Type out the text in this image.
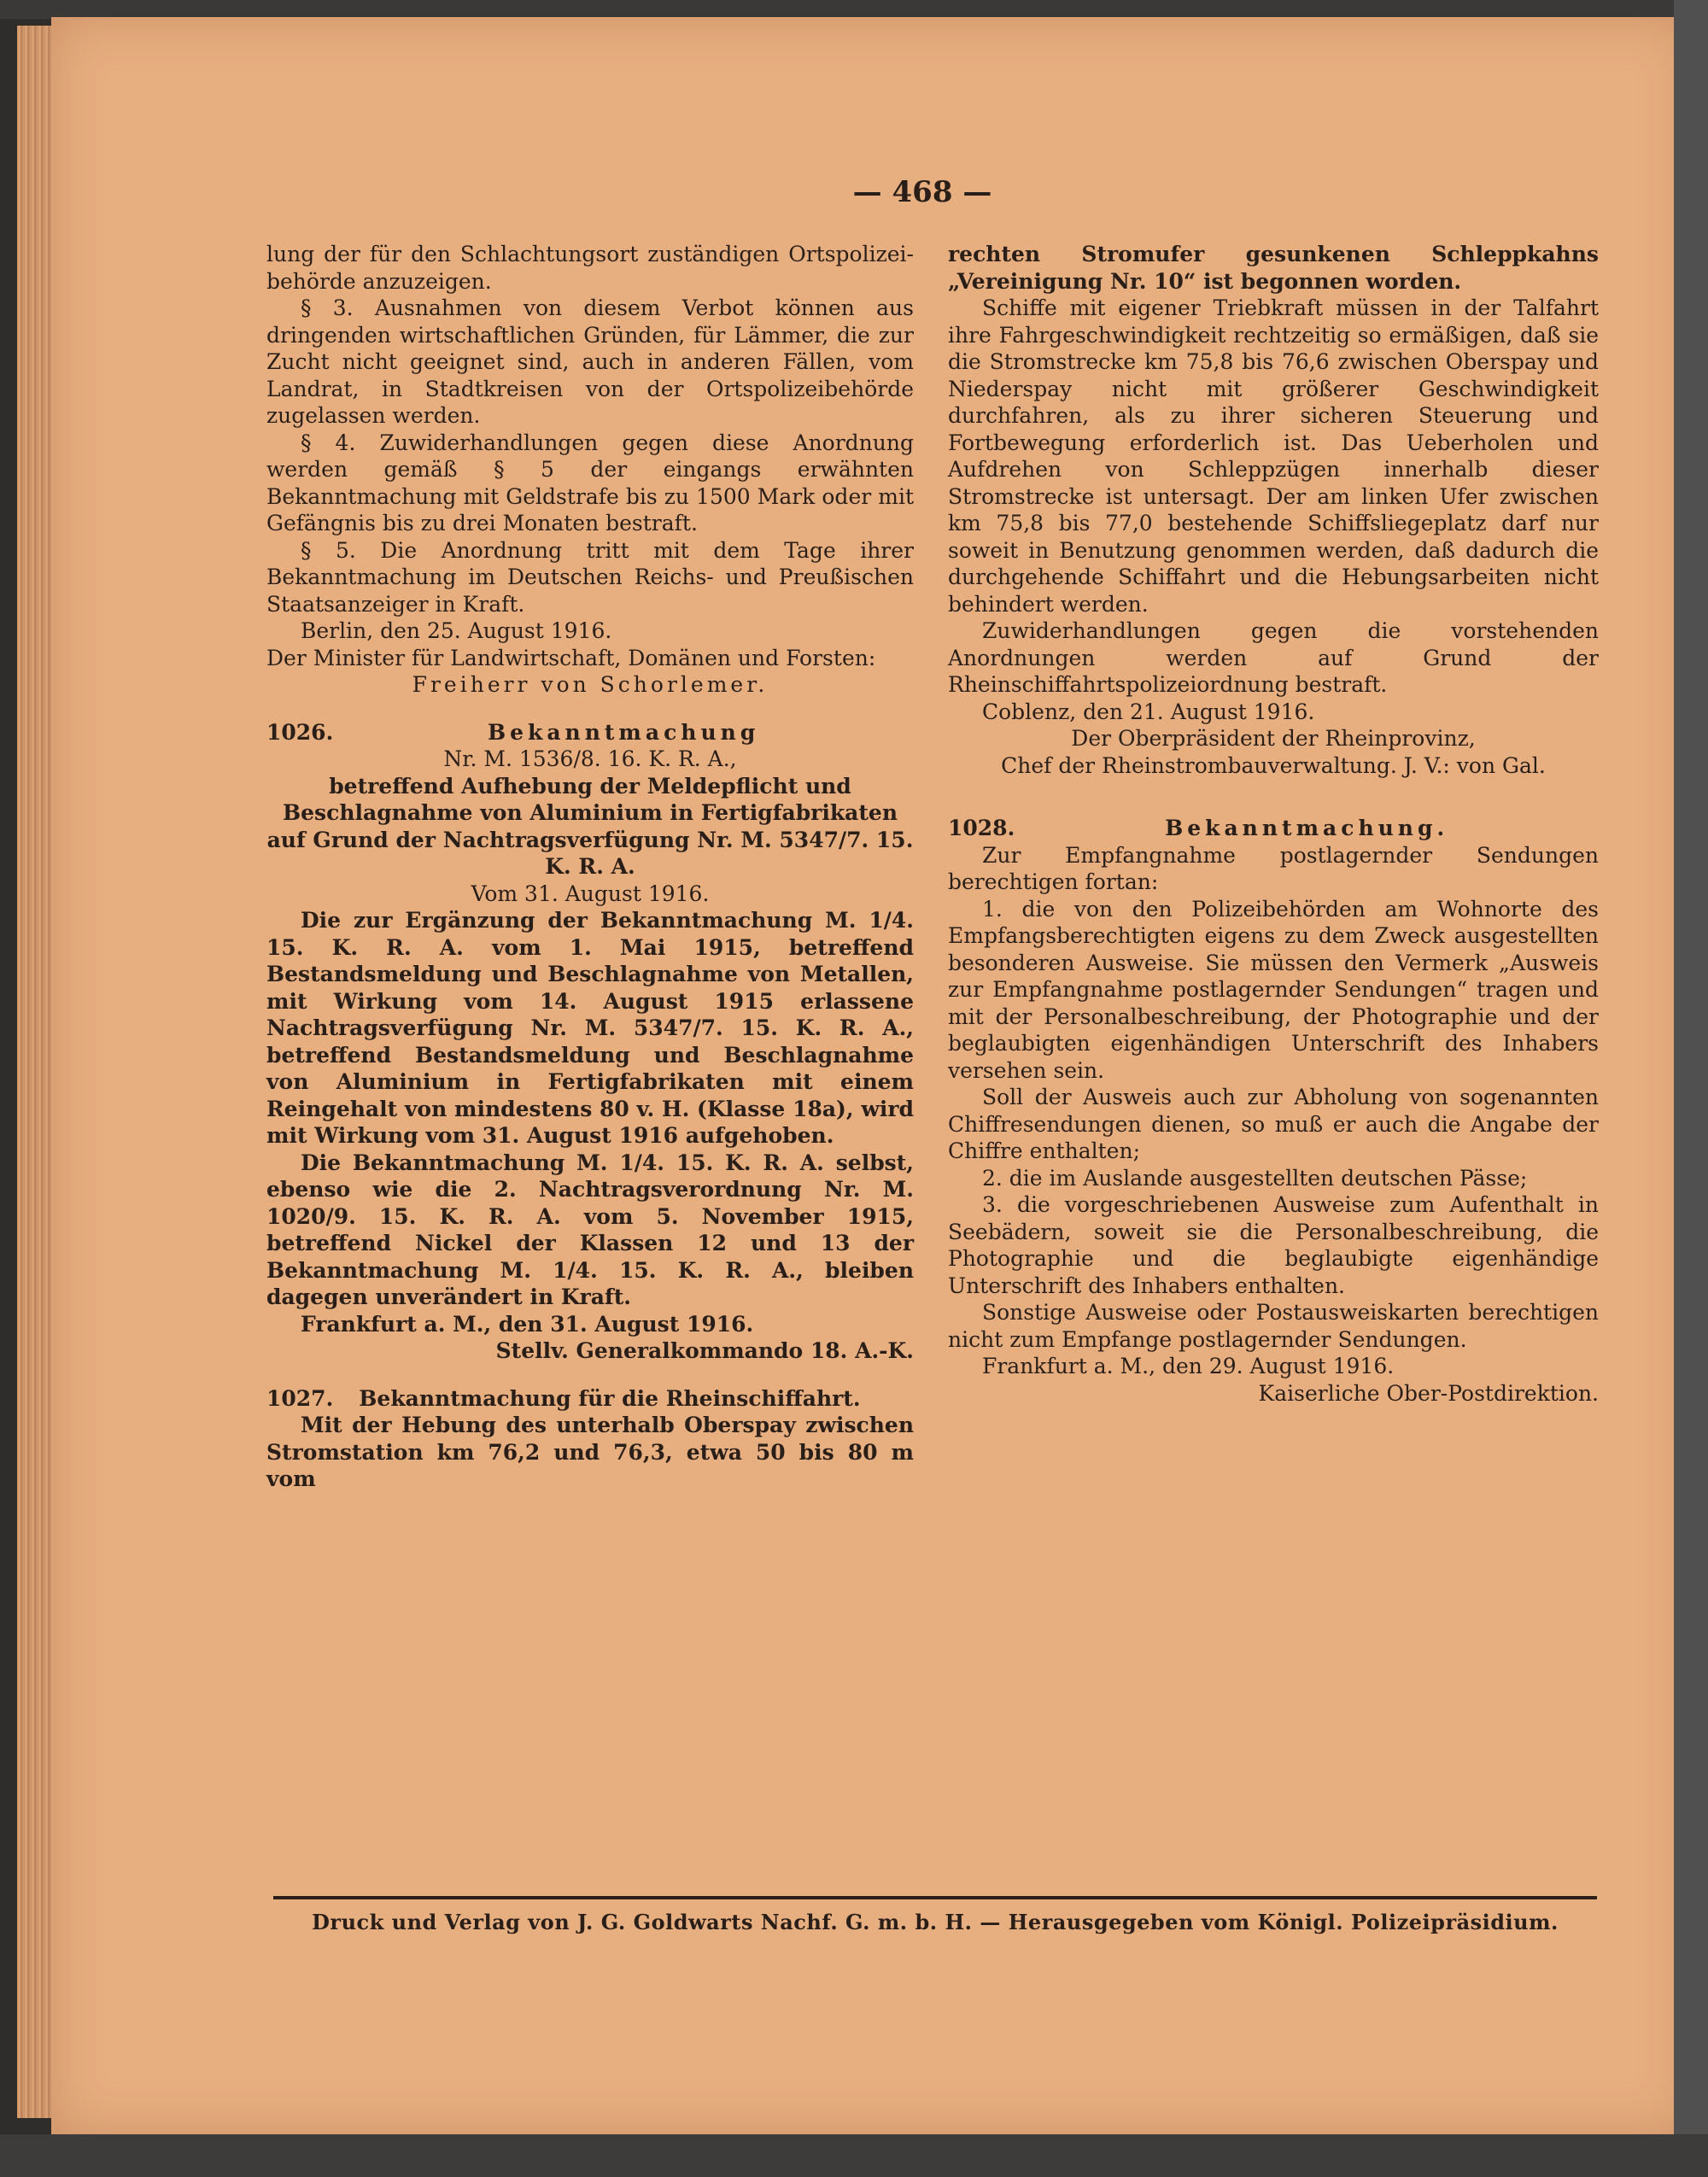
— 468 —

lung der für den Schlachtungsort zuständigen Ortspolizei-behörde anzuzeigen.

§ 3. Ausnahmen von diesem Verbot können aus dringenden wirtschaftlichen Gründen, für Lämmer, die zur Zucht nicht geeignet sind, auch in anderen Fällen, vom Landrat, in Stadtkreisen von der Ortspolizeibehörde zugelassen werden.

§ 4. Zuwiderhandlungen gegen diese Anordnung werden gemäß § 5 der eingangs erwähnten Bekanntmachung mit Geldstrafe bis zu 1500 Mark oder mit Gefängnis bis zu drei Monaten bestraft.

§ 5. Die Anordnung tritt mit dem Tage ihrer Bekanntmachung im Deutschen Reichs- und Preußischen Staatsanzeiger in Kraft.

Berlin, den 25. August 1916.

Der Minister für Landwirtschaft, Domänen und Forsten:

Freiherr von Schorlemer.

1026.	Bekanntmachung

Nr. M. 1536/8. 16. K. R. A.,

betreffend Aufhebung der Meldepflicht und Beschlagnahme von Aluminium in Fertigfabrikaten auf Grund der Nachtragsverfügung Nr. M. 5347/7. 15. K. R. A.

Vom 31. August 1916.

Die zur Ergänzung der Bekanntmachung M. 1/4. 15. K. R. A. vom 1. Mai 1915, betreffend Bestandsmeldung und Beschlagnahme von Metallen, mit Wirkung vom 14. August 1915 erlassene Nachtragsverfügung Nr. M. 5347/7. 15. K. R. A., betreffend Bestandsmeldung und Beschlagnahme von Aluminium in Fertigfabrikaten mit einem Reingehalt von mindestens 80 v. H. (Klasse 18a), wird mit Wirkung vom 31. August 1916 aufgehoben.

Die Bekanntmachung M. 1/4. 15. K. R. A. selbst, ebenso wie die 2. Nachtragsverordnung Nr. M. 1020/9. 15. K. R. A. vom 5. November 1915, betreffend Nickel der Klassen 12 und 13 der Bekanntmachung M. 1/4. 15. K. R. A., bleiben dagegen unverändert in Kraft.

Frankfurt a. M., den 31. August 1916.

Stellv. Generalkommando 18. A.-K.

1027.	Bekanntmachung für die Rheinschiffahrt.

Mit der Hebung des unterhalb Oberspay zwischen Stromstation km 76,2 und 76,3, etwa 50 bis 80 m vom

rechten Stromufer gesunkenen Schleppkahns „Vereinigung Nr. 10“ ist begonnen worden.

Schiffe mit eigener Triebkraft müssen in der Talfahrt ihre Fahrgeschwindigkeit rechtzeitig so ermäßigen, daß sie die Stromstrecke km 75,8 bis 76,6 zwischen Oberspay und Niederspay nicht mit größerer Geschwindigkeit durchfahren, als zu ihrer sicheren Steuerung und Fortbewegung erforderlich ist. Das Ueberholen und Aufdrehen von Schleppzügen innerhalb dieser Stromstrecke ist untersagt. Der am linken Ufer zwischen km 75,8 bis 77,0 bestehende Schiffsliegeplatz darf nur soweit in Benutzung genommen werden, daß dadurch die durchgehende Schiffahrt und die Hebungsarbeiten nicht behindert werden.

Zuwiderhandlungen gegen die vorstehenden Anordnungen werden auf Grund der Rheinschiffahrtspolizeiordnung bestraft.

Coblenz, den 21. August 1916.

Der Oberpräsident der Rheinprovinz,

Chef der Rheinstrombauverwaltung. J. V.: von Gal.

1028.	Bekanntmachung.

Zur Empfangnahme postlagernder Sendungen berechtigen fortan:

1. die von den Polizeibehörden am Wohnorte des Empfangsberechtigten eigens zu dem Zweck ausgestellten besonderen Ausweise. Sie müssen den Vermerk „Ausweis zur Empfangnahme postlagernder Sendungen“ tragen und mit der Personalbeschreibung, der Photographie und der beglaubigten eigenhändigen Unterschrift des Inhabers versehen sein.

Soll der Ausweis auch zur Abholung von sogenannten Chiffresendungen dienen, so muß er auch die Angabe der Chiffre enthalten;

2. die im Auslande ausgestellten deutschen Pässe;

3. die vorgeschriebenen Ausweise zum Aufenthalt in Seebädern, soweit sie die Personalbeschreibung, die Photographie und die beglaubigte eigenhändige Unterschrift des Inhabers enthalten.

Sonstige Ausweise oder Postausweiskarten berechtigen nicht zum Empfange postlagernder Sendungen.

Frankfurt a. M., den 29. August 1916.

Kaiserliche Ober-Postdirektion.

Druck und Verlag von J. G. Goldwarts Nachf. G. m. b. H. — Herausgegeben vom Königl. Polizeipräsidium.
